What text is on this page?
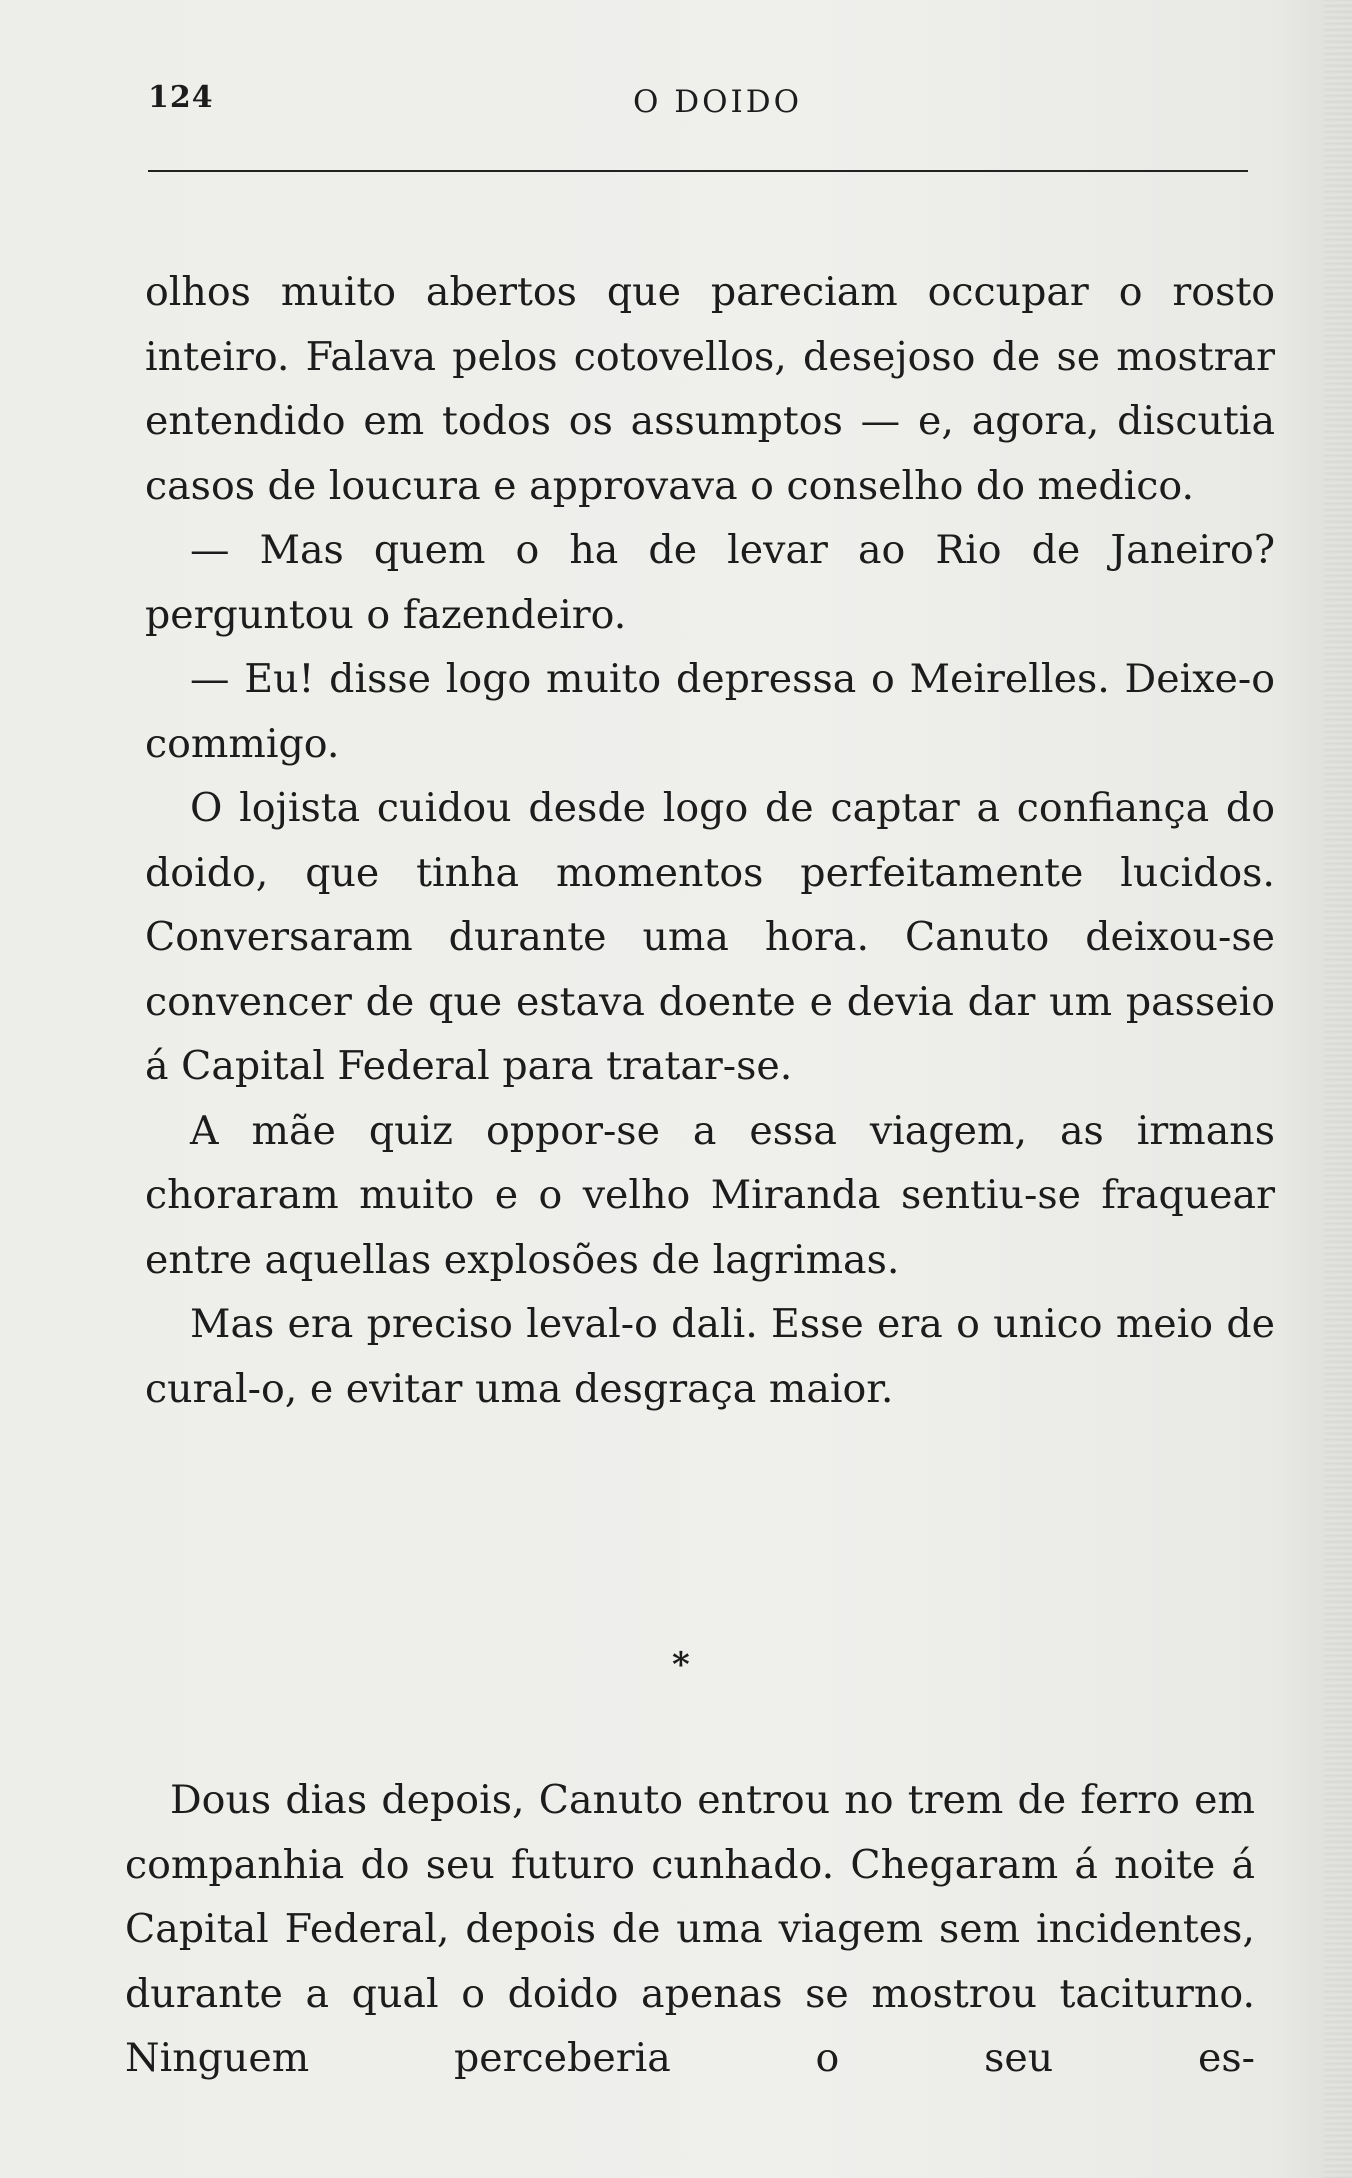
124	O DOIDO

olhos muito abertos que pareciam occupar o rosto inteiro. Falava pelos cotovellos, desejoso de se mostrar entendido em todos os assumptos — e, agora, discutia casos de loucura e approvava o conselho do medico.

— Mas quem o ha de levar ao Rio de Janeiro? perguntou o fazendeiro.

— Eu! disse logo muito depressa o Meirelles. Deixe-o commigo.

O lojista cuidou desde logo de captar a confiança do doido, que tinha momentos perfeitamente lucidos. Conversaram durante uma hora. Canuto deixou-se convencer de que estava doente e devia dar um passeio á Capital Federal para tratar-se.

A mãe quiz oppor-se a essa viagem, as irmans choraram muito e o velho Miranda sentiu-se fraquear entre aquellas explosões de lagrimas.

Mas era preciso leval-o dali. Esse era o unico meio de cural-o, e evitar uma desgraça maior.

*

Dous dias depois, Canuto entrou no trem de ferro em companhia do seu futuro cunhado. Chegaram á noite á Capital Federal, depois de uma viagem sem incidentes, durante a qual o doido apenas se mostrou taciturno. Ninguem perceberia o seu es-
